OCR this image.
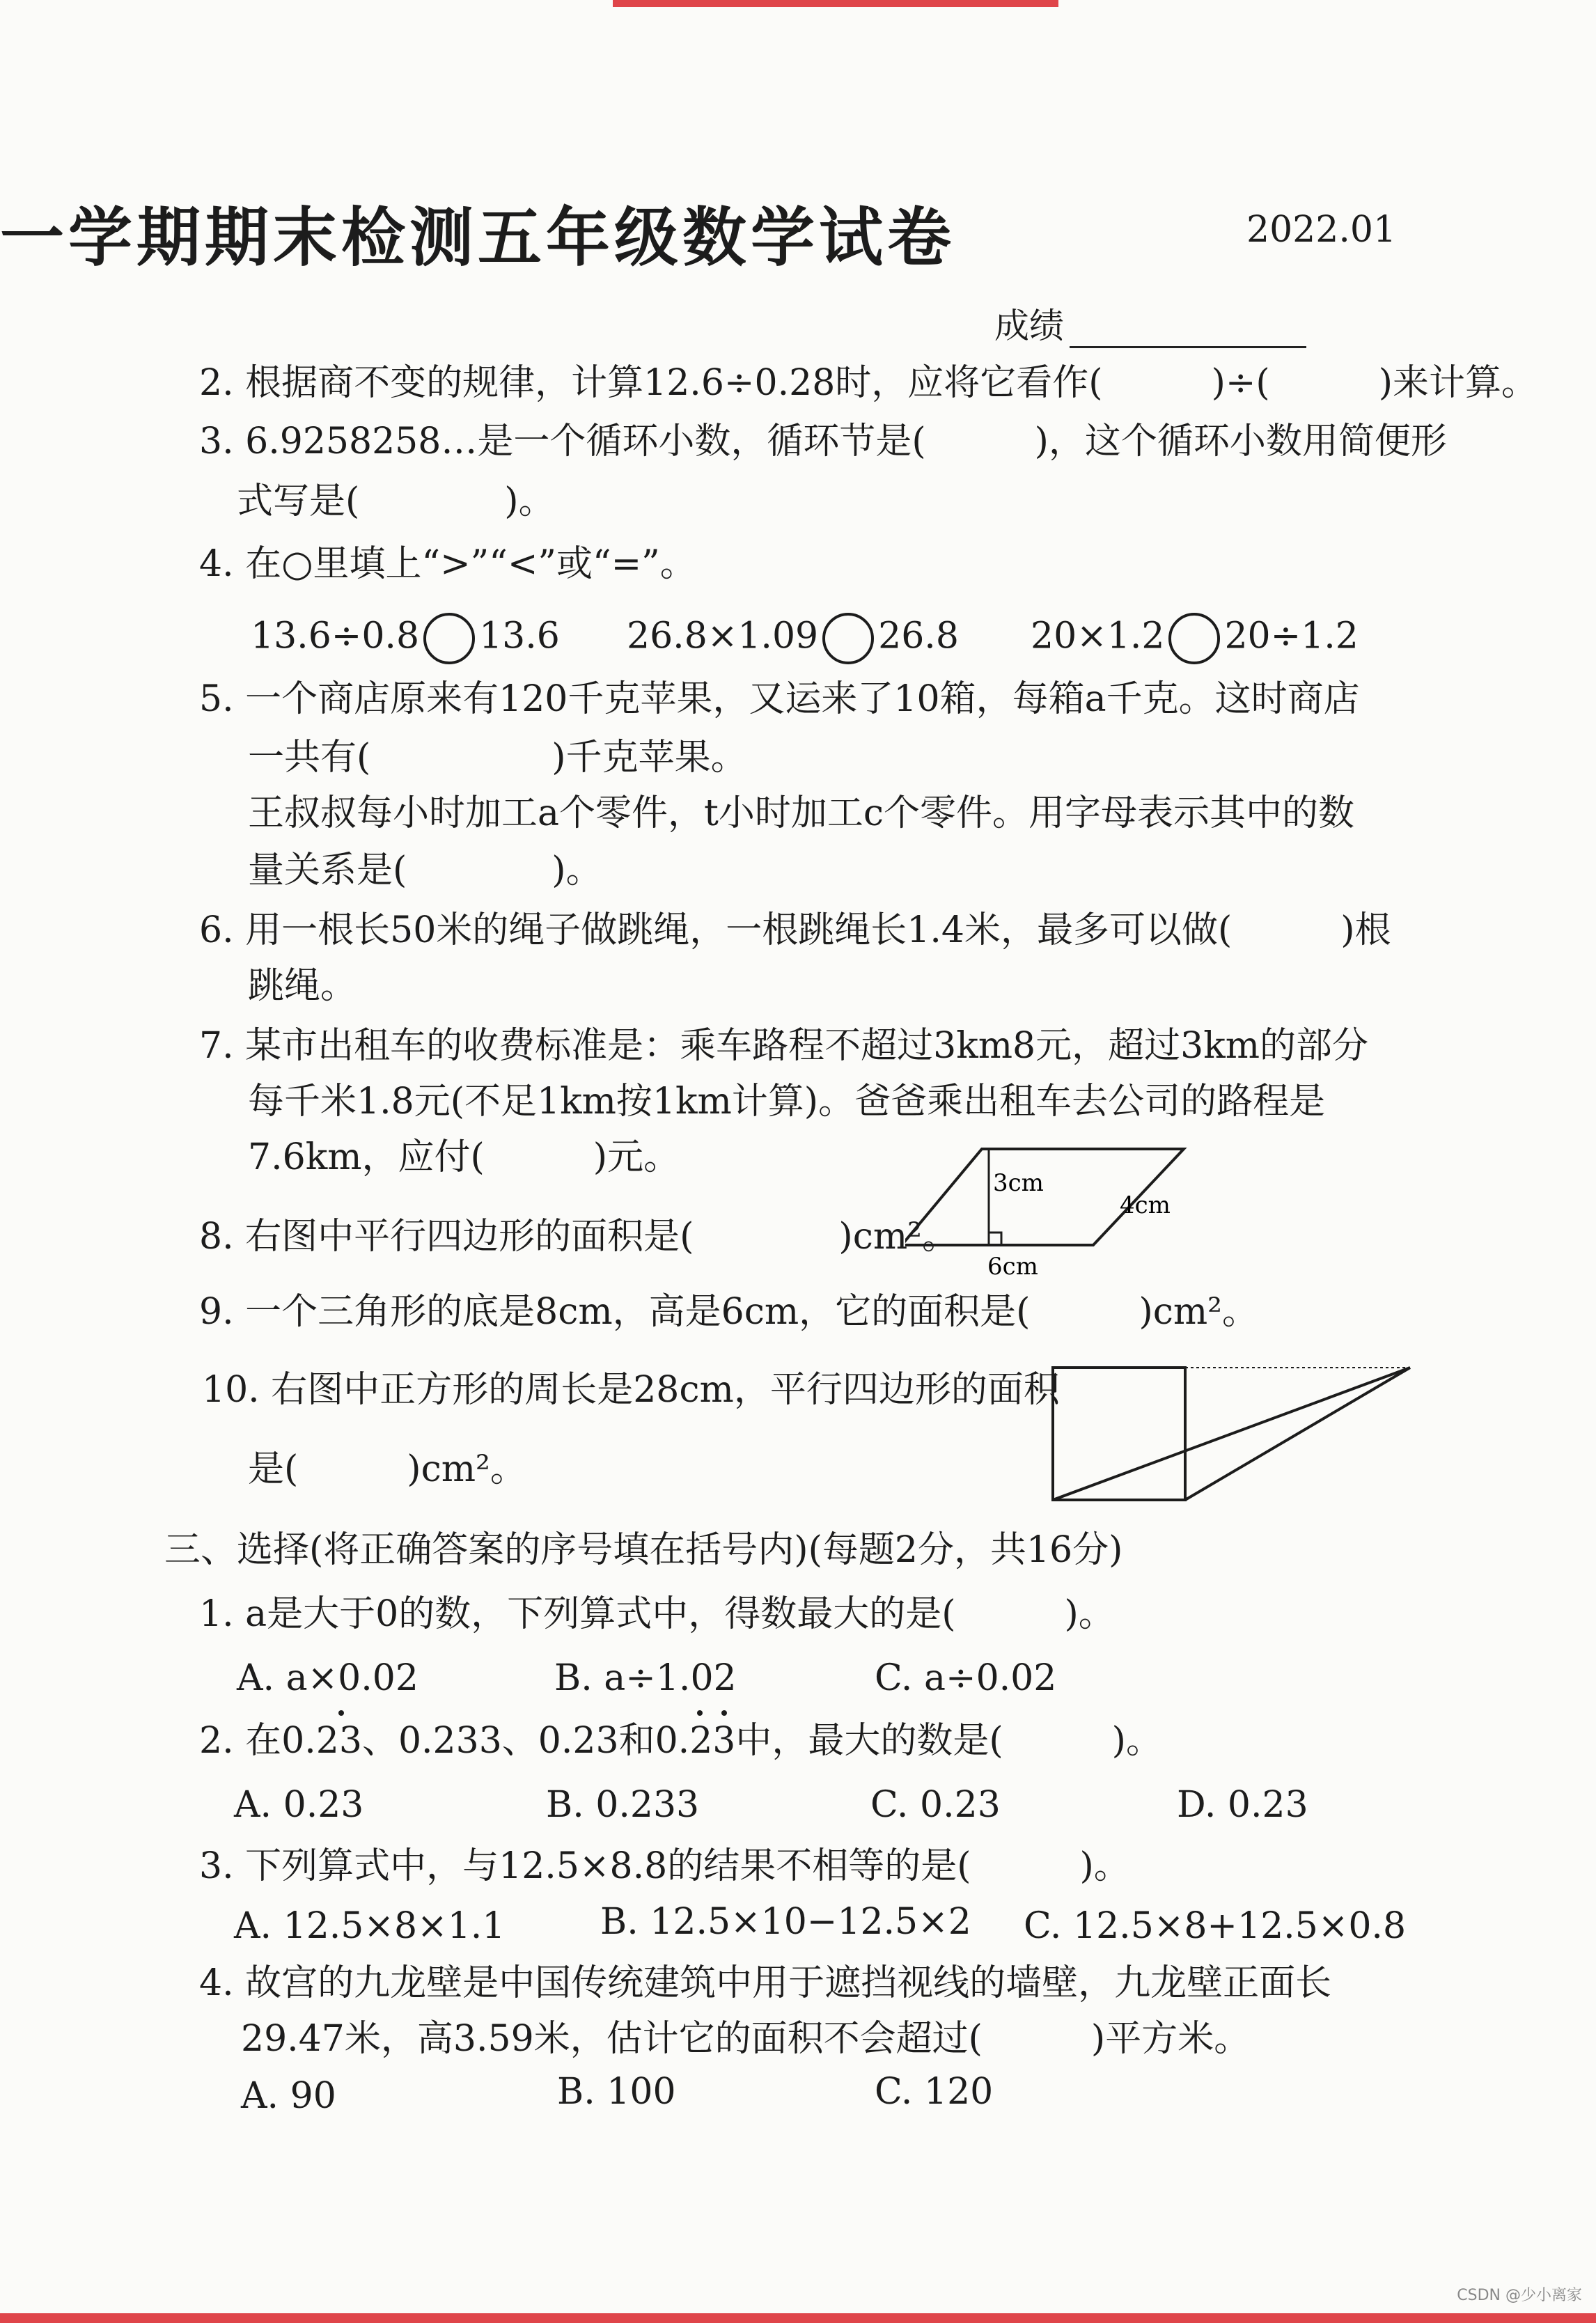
一学期期末检测五年级数学试卷	2022.01
成绩
2. 根据商不变的规律，计算12.6÷0.28时，应将它看作(　　　)÷(　　　)来计算。
3. 6.9258258…是一个循环小数，循环节是(　　　)，这个循环小数用简便形
式写是(　　　　)。
4. 在○里填上“>”“<”或“=”。
13.6÷0.8 13.6 26.8×1.09 26.8 20×1.2 20÷1.2
5. 一个商店原来有120千克苹果，又运来了10箱，每箱a千克。这时商店
一共有(　　　　　)千克苹果。
王叔叔每小时加工a个零件，t小时加工c个零件。用字母表示其中的数
量关系是(　　　　)。
6. 用一根长50米的绳子做跳绳，一根跳绳长1.4米，最多可以做(　　　)根
跳绳。
7. 某市出租车的收费标准是：乘车路程不超过3km8元，超过3km的部分
每千米1.8元(不足1km按1km计算)。爸爸乘出租车去公司的路程是
7.6km，应付(　　　)元。
8. 右图中平行四边形的面积是(　　　　)cm²。
3cm
4cm
6cm
9. 一个三角形的底是8cm，高是6cm，它的面积是(　　　)cm²。
10. 右图中正方形的周长是28cm，平行四边形的面积
是(　　　)cm²。
三、选择(将正确答案的序号填在括号内)(每题2分，共16分)
1. a是大于0的数，下列算式中，得数最大的是(　　　)。
A. a×0.02	B. a÷1.02	C. a÷0.02
2. 在0.23
、0.233、0.23和0.23
中，最大的数是(　　　)。
A. 0.23	B. 0.233	C. 0.23	D. 0.23
3. 下列算式中，与12.5×8.8的结果不相等的是(　　　)。
A. 12.5×8×1.1	B. 12.5×10−12.5×2 C. 12.5×8+12.5×0.8
4. 故宫的九龙壁是中国传统建筑中用于遮挡视线的墙壁，九龙壁正面长
29.47米，高3.59米，估计它的面积不会超过(　　　)平方米。
A. 90	B. 100	C. 120
CSDN @少小离家
